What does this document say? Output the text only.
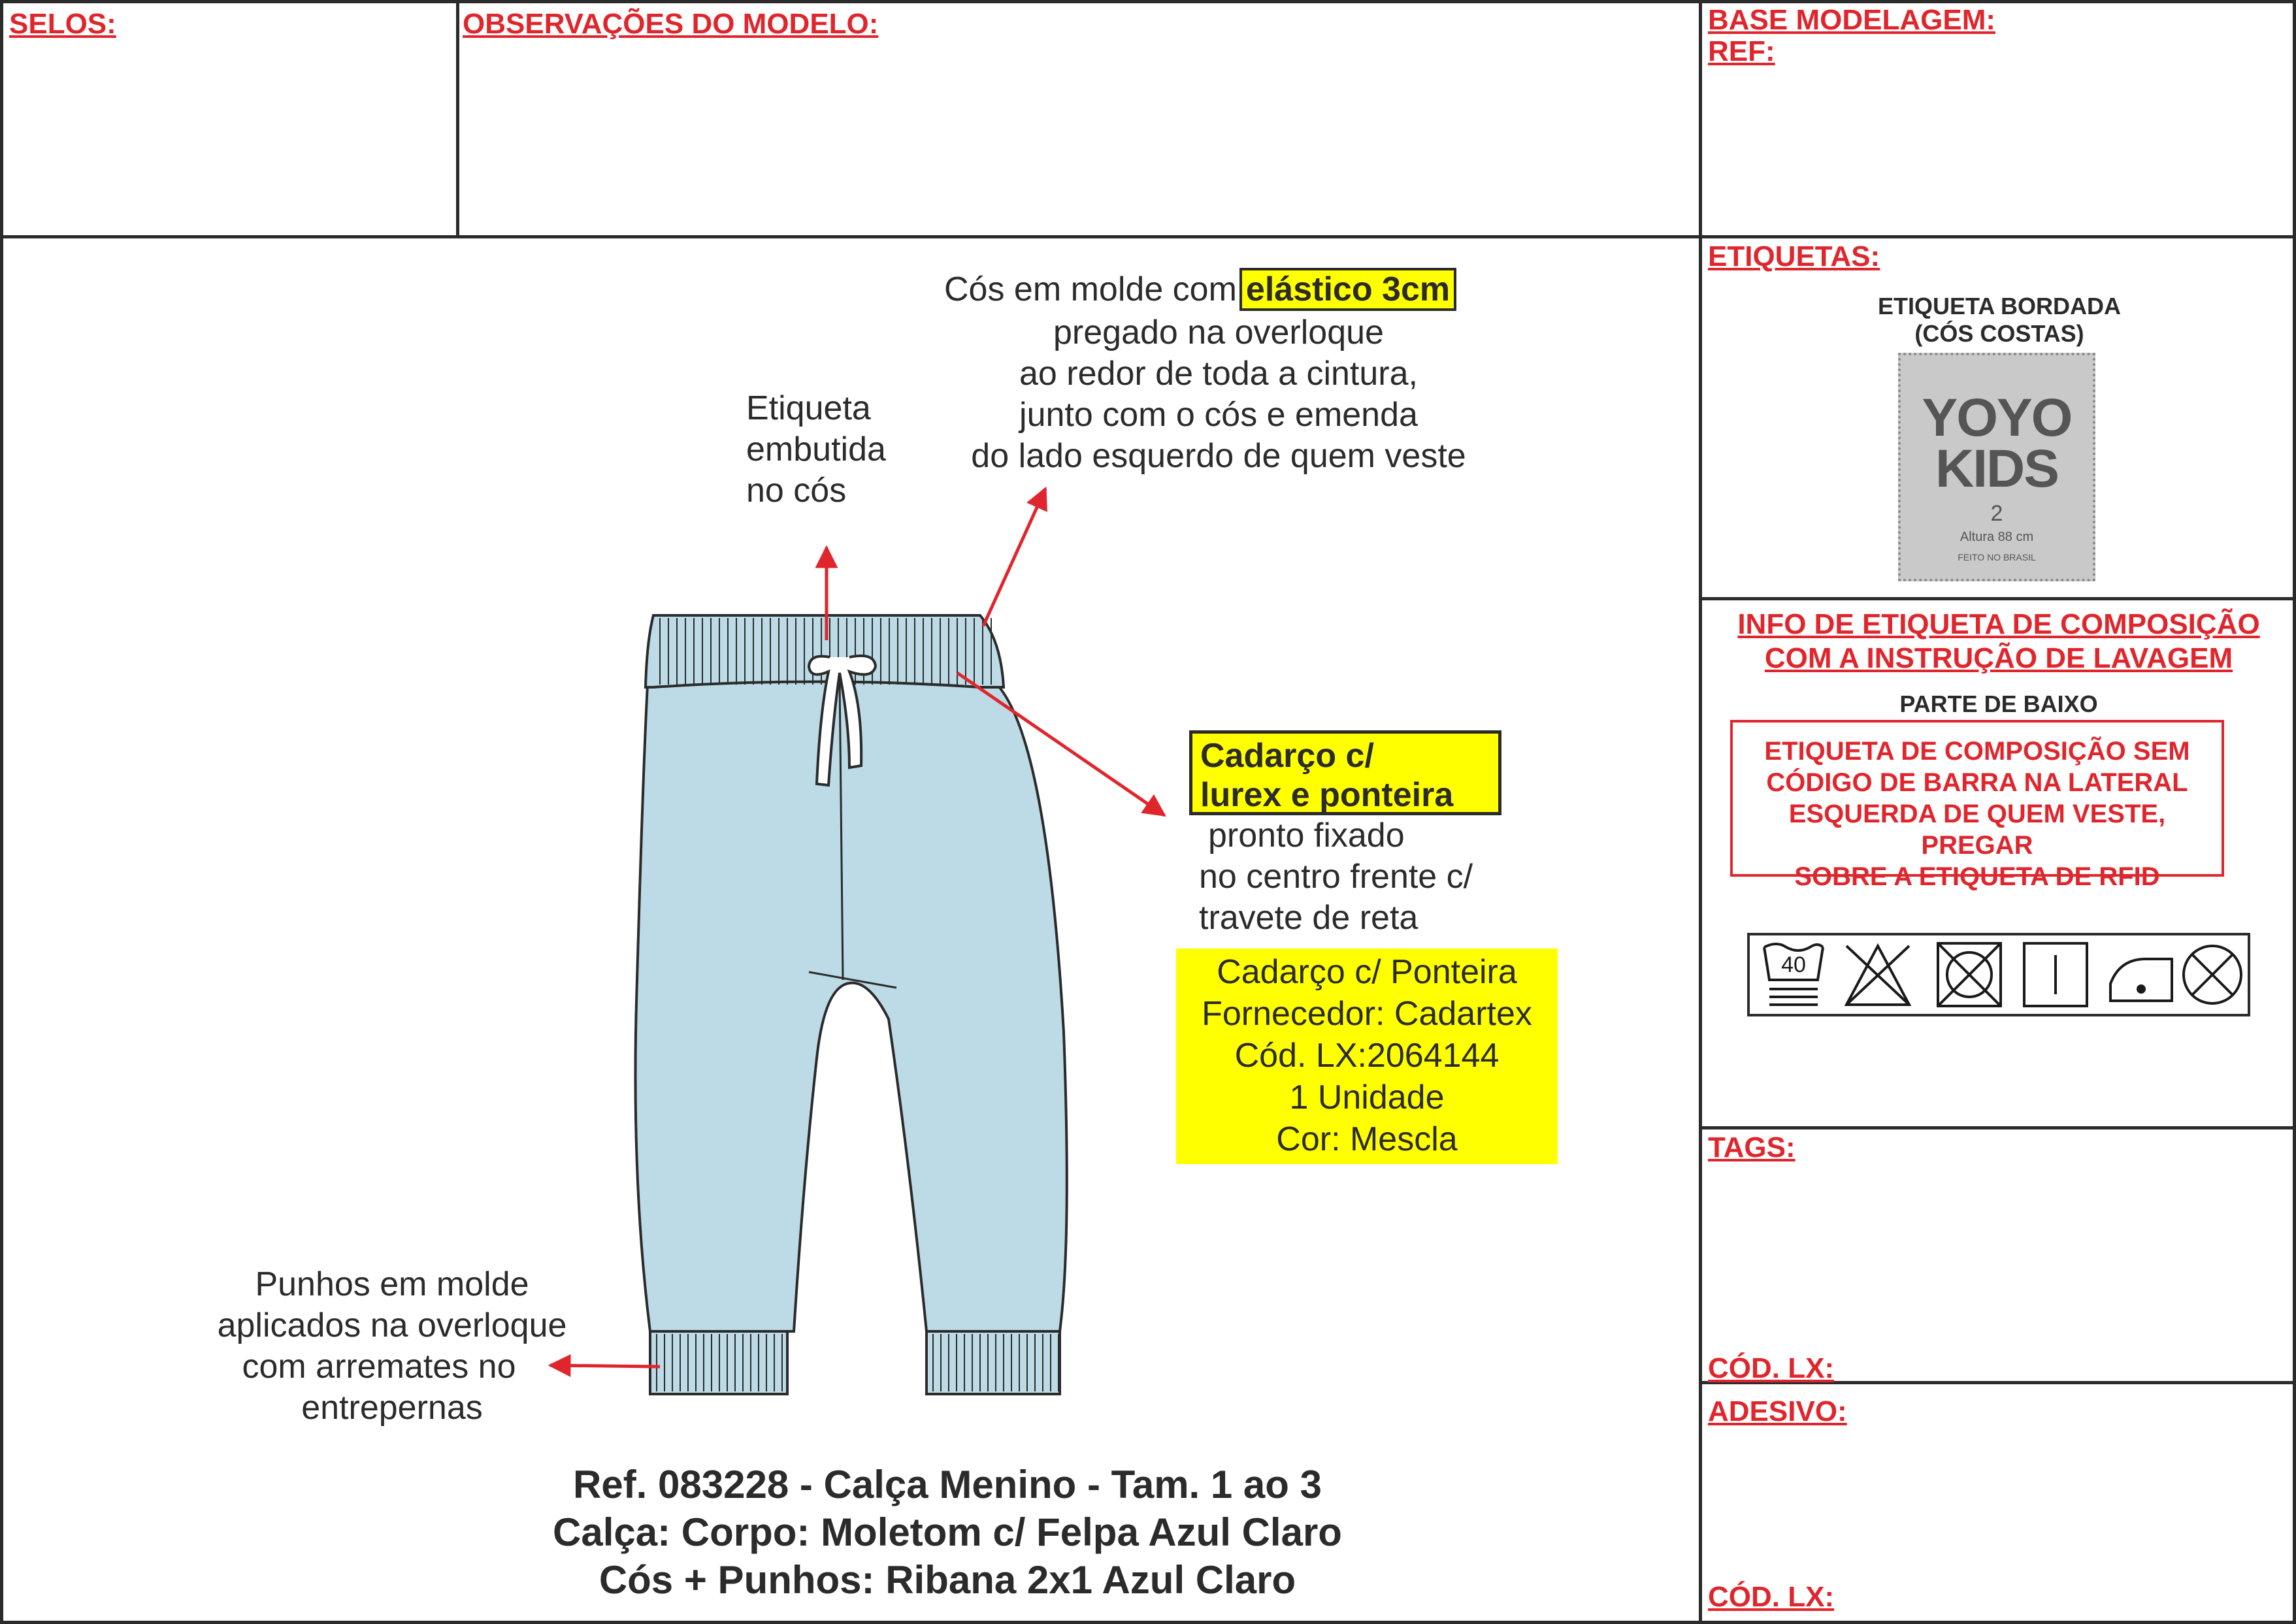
SELOS:	OBSERVAÇÕES DO MODELO:	BASE MODELAGEM:
REF:
Cós em molde com elástico 3cm
pregado na overloque
ao redor de toda a cintura,
junto com o cós e emenda
do lado esquerdo de quem veste
Etiqueta
embutida
no cós
Cadarço c/
lurex e ponteira
pronto fixado
no centro frente c/
travete de reta
Cadarço c/ Ponteira
Fornecedor: Cadartex
Cód. LX:2064144
1 Unidade
Cor: Mescla
Punhos em molde
aplicados na overloque
com arremates no
entrepernas
Ref. 083228 - Calça Menino - Tam. 1 ao 3
Calça: Corpo: Moletom c/ Felpa Azul Claro
Cós + Punhos: Ribana 2x1 Azul Claro
ETIQUETAS:
ETIQUETA BORDADA
(CÓS COSTAS)
YOYO
KIDS
2
Altura 88 cm
FEITO NO BRASIL
INFO DE ETIQUETA DE COMPOSIÇÃO
COM A INSTRUÇÃO DE LAVAGEM
PARTE DE BAIXO
ETIQUETA DE COMPOSIÇÃO SEM
CÓDIGO DE BARRA NA LATERAL
ESQUERDA DE QUEM VESTE, PREGAR
SOBRE A ETIQUETA DE RFID
40
TAGS:
CÓD. LX:
ADESIVO:
CÓD. LX:
